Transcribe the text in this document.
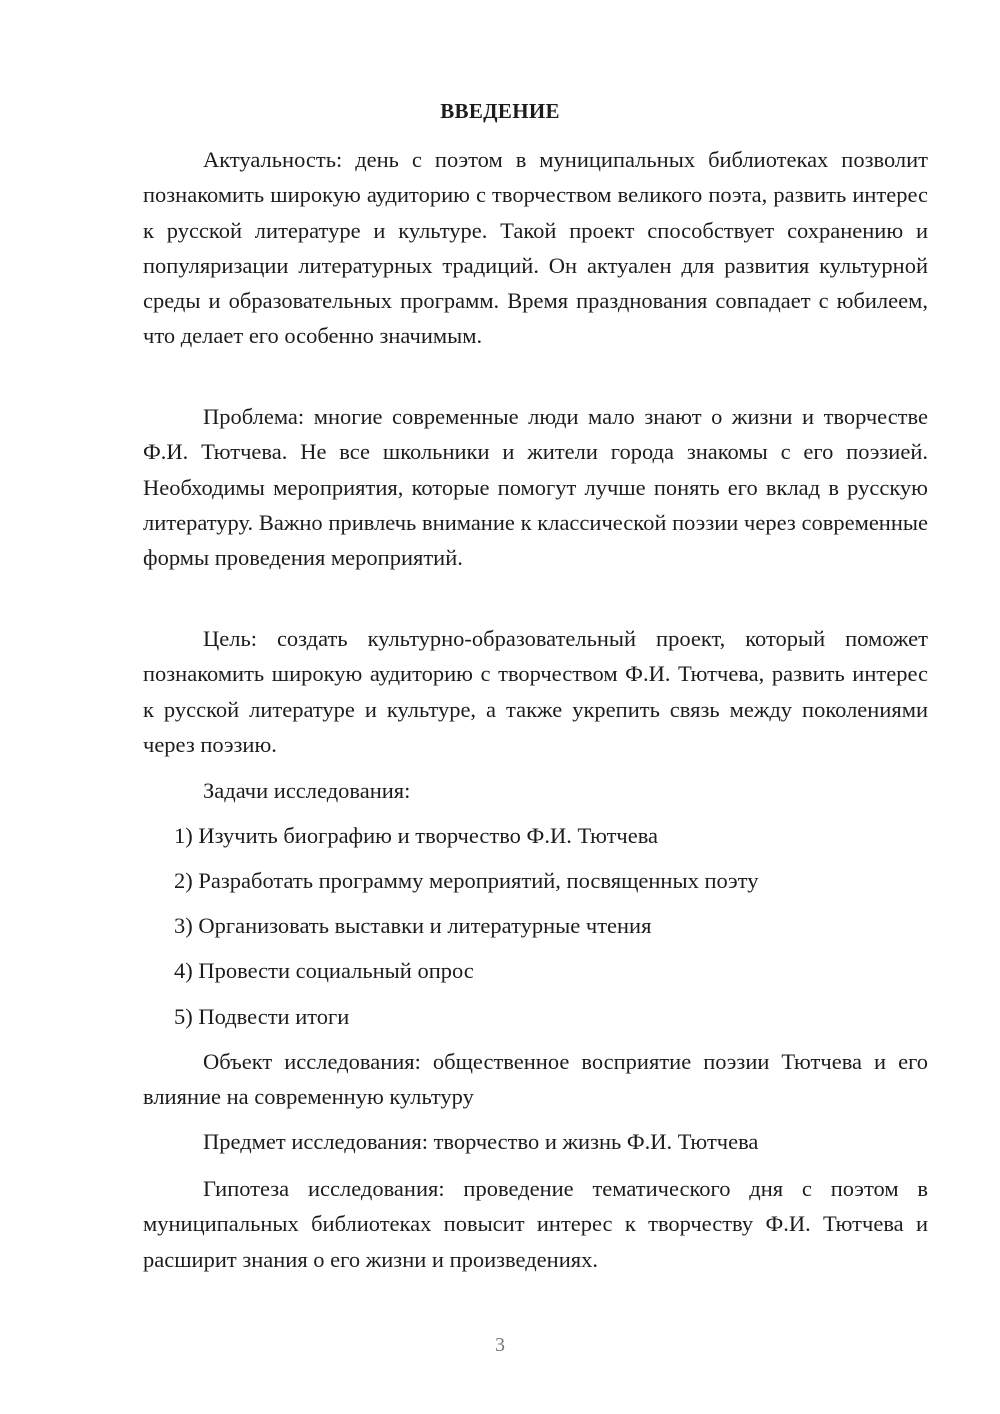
ВВЕДЕНИЕ

Актуальность: день с поэтом в муниципальных библиотеках позволит познакомить широкую аудиторию с творчеством великого поэта, развить интерес к русской литературе и культуре. Такой проект способствует сохранению и популяризации литературных традиций. Он актуален для развития культурной среды и образовательных программ. Время празднования совпадает с юбилеем, что делает его особенно значимым.

Проблема: многие современные люди мало знают о жизни и творчестве Ф.И. Тютчева. Не все школьники и жители города знакомы с его поэзией. Необходимы мероприятия, которые помогут лучше понять его вклад в русскую литературу. Важно привлечь внимание к классической поэзии через современные формы проведения мероприятий.

Цель: создать культурно-образовательный проект, который поможет познакомить широкую аудиторию с творчеством Ф.И. Тютчева, развить интерес к русской литературе и культуре, а также укрепить связь между поколениями через поэзию.

Задачи исследования:
1) Изучить биографию и творчество Ф.И. Тютчева
2) Разработать программу мероприятий, посвященных поэту
3) Организовать выставки и литературные чтения
4) Провести социальный опрос
5) Подвести итоги

Объект исследования: общественное восприятие поэзии Тютчева и его влияние на современную культуру

Предмет исследования: творчество и жизнь Ф.И. Тютчева

Гипотеза исследования: проведение тематического дня с поэтом в муниципальных библиотеках повысит интерес к творчеству Ф.И. Тютчева и расширит знания о его жизни и произведениях.

3
